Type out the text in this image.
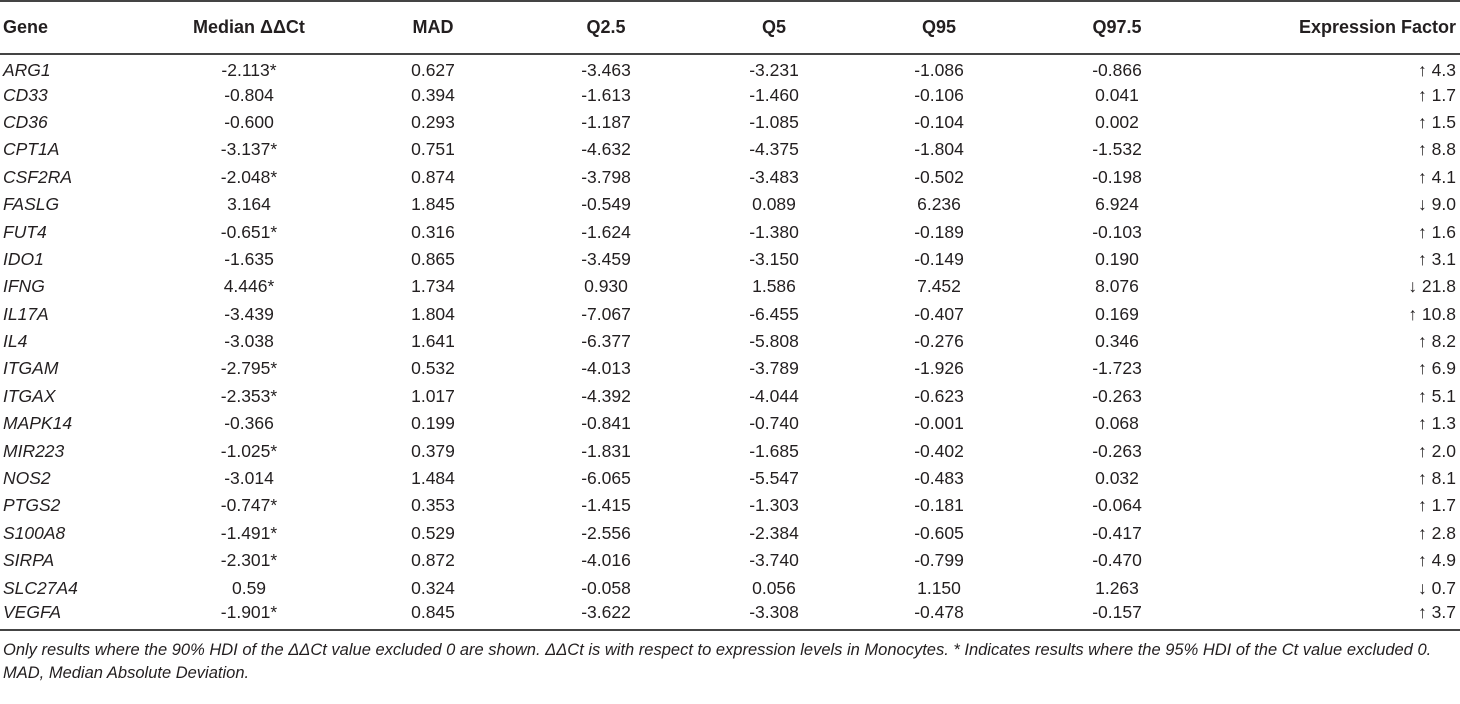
Gene	Median ΔΔCt	MAD	Q2.5	Q5	Q95	Q97.5	Expression Factor
ARG1	-2.113*	0.627	-3.463	-3.231	-1.086	-0.866	↑ 4.3
CD33	-0.804	0.394	-1.613	-1.460	-0.106	0.041	↑ 1.7
CD36	-0.600	0.293	-1.187	-1.085	-0.104	0.002	↑ 1.5
CPT1A	-3.137*	0.751	-4.632	-4.375	-1.804	-1.532	↑ 8.8
CSF2RA	-2.048*	0.874	-3.798	-3.483	-0.502	-0.198	↑ 4.1
FASLG	3.164	1.845	-0.549	0.089	6.236	6.924	↓ 9.0
FUT4	-0.651*	0.316	-1.624	-1.380	-0.189	-0.103	↑ 1.6
IDO1	-1.635	0.865	-3.459	-3.150	-0.149	0.190	↑ 3.1
IFNG	4.446*	1.734	0.930	1.586	7.452	8.076	↓ 21.8
IL17A	-3.439	1.804	-7.067	-6.455	-0.407	0.169	↑ 10.8
IL4	-3.038	1.641	-6.377	-5.808	-0.276	0.346	↑ 8.2
ITGAM	-2.795*	0.532	-4.013	-3.789	-1.926	-1.723	↑ 6.9
ITGAX	-2.353*	1.017	-4.392	-4.044	-0.623	-0.263	↑ 5.1
MAPK14	-0.366	0.199	-0.841	-0.740	-0.001	0.068	↑ 1.3
MIR223	-1.025*	0.379	-1.831	-1.685	-0.402	-0.263	↑ 2.0
NOS2	-3.014	1.484	-6.065	-5.547	-0.483	0.032	↑ 8.1
PTGS2	-0.747*	0.353	-1.415	-1.303	-0.181	-0.064	↑ 1.7
S100A8	-1.491*	0.529	-2.556	-2.384	-0.605	-0.417	↑ 2.8
SIRPA	-2.301*	0.872	-4.016	-3.740	-0.799	-0.470	↑ 4.9
SLC27A4	0.59	0.324	-0.058	0.056	1.150	1.263	↓ 0.7
VEGFA	-1.901*	0.845	-3.622	-3.308	-0.478	-0.157	↑ 3.7
Only results where the 90% HDI of the ΔΔCt value excluded 0 are shown. ΔΔCt is with respect to expression levels in Monocytes. * Indicates results where the 95% HDI of the Ct value excluded 0. MAD, Median Absolute Deviation.
